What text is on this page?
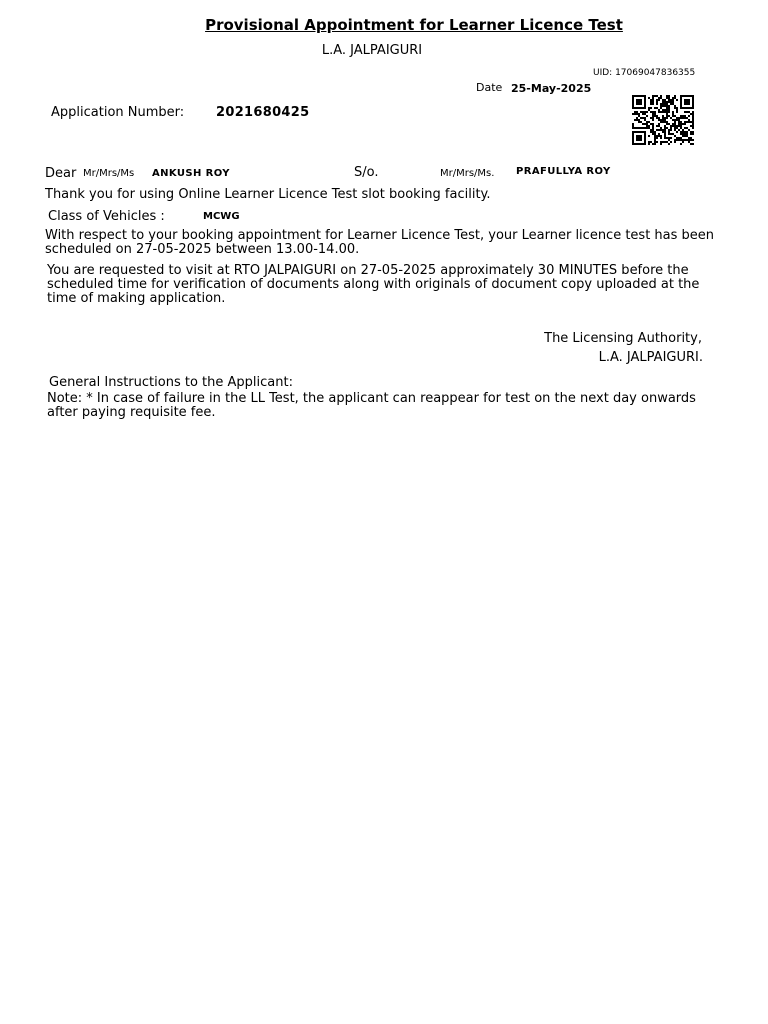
Provisional Appointment for Learner Licence Test
L.A. JALPAIGURI
UID: 17069047836355
Date 25-May-2025
Application Number: 2021680425
Dear Mr/Mrs/Ms ANKUSH ROY	S/o.	Mr/Mrs/Ms. PRAFULLYA ROY
Thank you for using Online Learner Licence Test slot booking facility.
Class of Vehicles :	MCWG
With respect to your booking appointment for Learner Licence Test, your Learner licence test has been scheduled on 27-05-2025 between 13.00-14.00.
You are requested to visit at RTO JALPAIGURI on 27-05-2025 approximately 30 MINUTES before the scheduled time for verification of documents along with originals of document copy uploaded at the time of making application.
The Licensing Authority,
L.A. JALPAIGURI.
General Instructions to the Applicant:
Note: * In case of failure in the LL Test, the applicant can reappear for test on the next day onwards after paying requisite fee.
